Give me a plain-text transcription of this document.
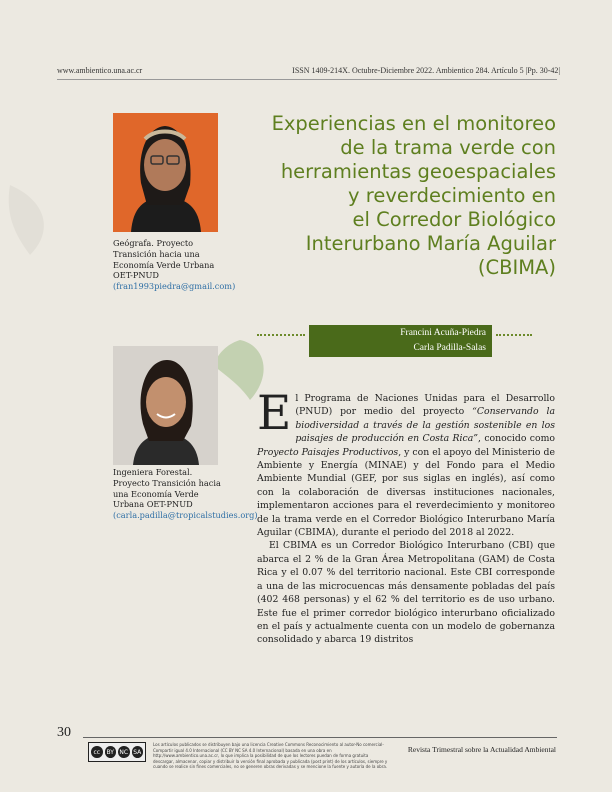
www.ambientico.una.ac.cr	ISSN 1409-214X. Octubre-Diciembre 2022. Ambientico 284. Artículo 5 |Pp. 30-42|
Geógrafa. Proyecto Transición hacia una Economía Verde Urbana OET-PNUD
(fran1993piedra@gmail.com)
Ingeniera Forestal. Proyecto Transición hacia una Economía Verde Urbana OET-PNUD
(carla.padilla@tropicalstudies.org)
Experiencias en el monitoreo
de la trama verde con
herramientas geoespaciales
y reverdecimiento en
el Corredor Biológico
Interurbano María Aguilar
(CBIMA)
Francini Acuña-Piedra
Carla Padilla-Salas

El Programa de Naciones Unidas para el Desarrollo (PNUD) por medio del proyecto “Conservando la biodiversidad a través de la gestión sostenible en los paisajes de producción en Costa Rica”, conocido como Proyecto Paisajes Productivos, y con el apoyo del Ministerio de Ambiente y Energía (MINAE) y del Fondo para el Medio Ambiente Mundial (GEF, por sus siglas en inglés), así como con la colaboración de diversas instituciones nacionales, implementaron acciones para el reverdecimiento y monitoreo de la trama verde en el Corredor Biológico Interurbano María Aguilar (CBIMA), durante el periodo del 2018 al 2022.

El CBIMA es un Corredor Biológico Interurbano (CBI) que abarca el 2 % de la Gran Área Metropolitana (GAM) de Costa Rica y el 0.07 % del territorio nacional. Este CBI corresponde a una de las microcuencas más densamente pobladas del país (402 468 personas) y el 62 % del territorio es de uso urbano. Este fue el primer corredor biológico interurbano oficializado en el país y actualmente cuenta con un modelo de gobernanza consolidado y abarca 19 distritos

30
cc	BY NC SA
Los artículos publicados se distribuyen bajo una licencia Creative Commons Reconocimiento al autor-No comercial-Compartir igual 4.0 Internacional (CC BY NC SA 4.0 Internacional) basada en una obra en http://www.ambientico.una.ac.cr, lo que implica la posibilidad de que los lectores puedan de forma gratuita descargar, almacenar, copiar y distribuir la versión final aprobada y publicada (post print) de los artículos, siempre y cuando se realice sin fines comerciales, no se generen obras derivadas y se mencione la fuente y autoría de la obra.
Revista Trimestral sobre la Actualidad Ambiental
